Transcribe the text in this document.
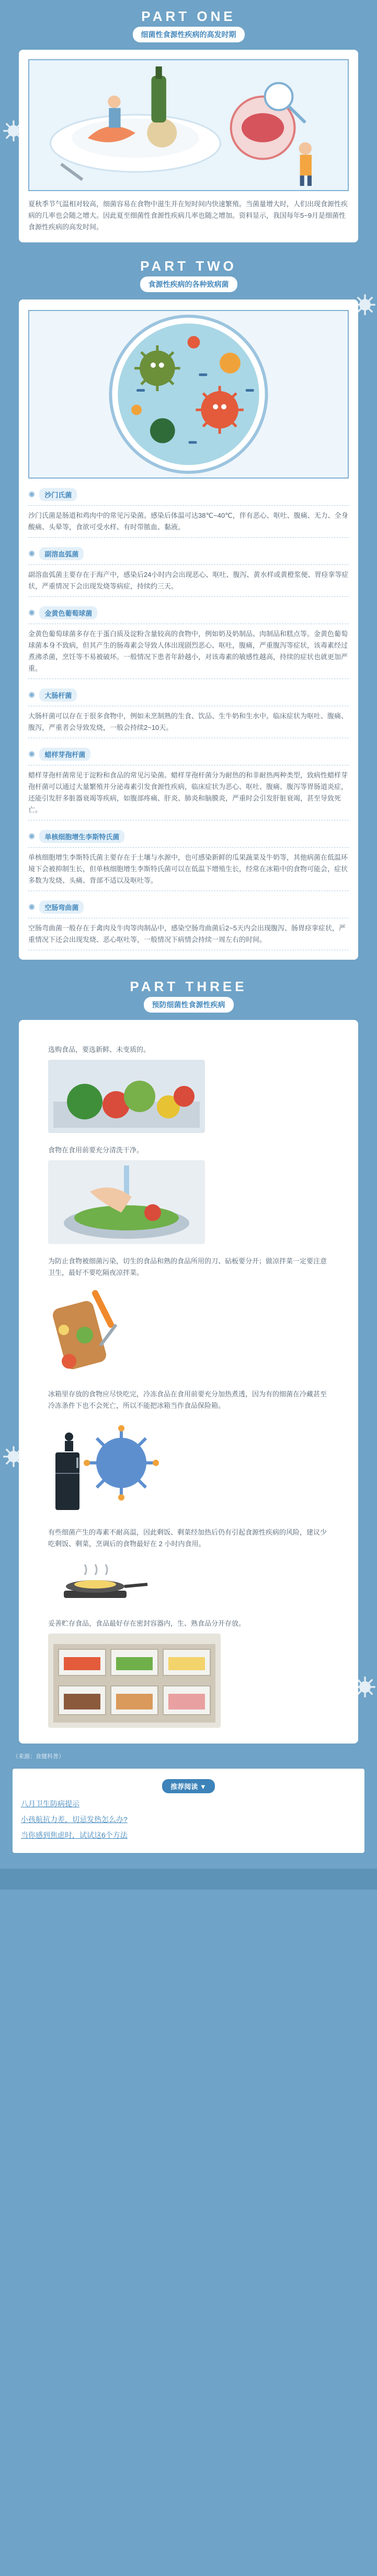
PART ONE
细菌性食源性疾病的高发时期

夏秋季节气温相对较高，细菌容易在食物中滋生并在短时间内快速繁殖。当菌量增大时，人们出现食源性疾病的几率也会随之增大。因此夏至细菌性食源性疾病几率也随之增加。资料显示，我国每年5~9月是细菌性食源性疾病的高发时间。

PART TWO
食源性疾病的各种致病菌
✺	沙门氏菌
沙门氏菌是肠道和鸡肉中的常见污染菌。感染后体温可达38℃~40℃，伴有恶心、呕吐、腹痛、无力、全身酸痛、头晕等，食欲可受水样、有时带脓血、黏液。
✺	副溶血弧菌
副溶血弧菌主要存在于海产中，感染后24小时内会出现恶心、呕吐、腹泻、黄水样或黄橙浆便、胃痉挛等症状，严重情况下会出现发烧等病症，持续约三天。
✺	金黄色葡萄球菌
金黄色葡萄球菌多存在于蛋白质及淀粉含量较高的食物中，例如奶及奶制品、肉制品和糕点等。金黄色葡萄球菌本身不致病，但其产生的肠毒素会导致人体出现剧烈恶心、呕吐，腹痛，严重腹泻等症状，该毒素经过煮沸杀菌，烹饪等不易被破坏。一般情况下患者年龄越小，对该毒素的敏感性越高，持续的症状也就更加严重。
✺	大肠杆菌
大肠杆菌可以存在于很多食物中，例如未烹制熟的生食、饮品、生牛奶和生水中。临床症状为呕吐、腹痛、腹泻，严重者会导致发烧，一般会持续2~10天。
✺	蜡样芽孢杆菌
蜡样芽孢杆菌常见于淀粉和食品的常见污染菌。蜡样芽孢杆菌分为耐热的和非耐热两种类型，致病性蜡样芽孢杆菌可以通过大量繁殖并分泌毒素引发食源性疾病，临床症状为恶心、呕吐、腹痛、腹泻等胃肠道炎症，还能引发肝多脏器衰竭等疾病，如腹部疼痛、肝炎、肺炎和脑膜炎，严重时会引发肝脏衰竭，甚至导致死亡。
✺	单核细胞增生李斯特氏菌
单核细胞增生李斯特氏菌主要存在于土壤与水源中，也可感染新鲜的瓜果蔬菜及牛奶等，其他病菌在低温环境下会被抑制生长，但单核细胞增生李斯特氏菌可以在低温下增殖生长，经常在冰箱中的食物可能会，症状多数为发烧、头痛、背部不适以及呕吐等。
✺	空肠弯曲菌
空肠弯曲菌一般存在于禽肉及牛肉等肉制品中，感染空肠弯曲菌后2~5天内会出现腹泻、肠胃痉挛症状，严重情况下还会出现发烧、恶心呕吐等，一般情况下病情会持续一周左右的时间。
PART THREE
预防细菌性食源性疾病

选购食品，要选新鲜、未变质的。

食物在食用前要充分清洗干净。

为防止食物被细菌污染，切生的食品和熟的食品所用的刀、砧板要分开；做凉拌菜一定要注意卫生，最好不要吃隔夜凉拌菜。

冰箱里存放的食物应尽快吃完，冷冻食品在食用前要充分加热煮透，因为有的细菌在冷藏甚至冷冻条件下也不会死亡，所以不能把冰箱当作食品保险箱。

有些细菌产生的毒素不耐高温，因此剩饭、剩菜经加热后仍有引起食源性疾病的风险，建议少吃剩饭、剩菜，烹调后的食物最好在 2 小时内食用。

妥善贮存食品，食品最好存在密封容器内，生、熟食品分开存放。

（来源：食健科普）

推荐阅读 ▼
八月卫生防病提示
小孩航抗力差，切忌发热怎么办?
当你感到焦虑时，试试这6个方法
